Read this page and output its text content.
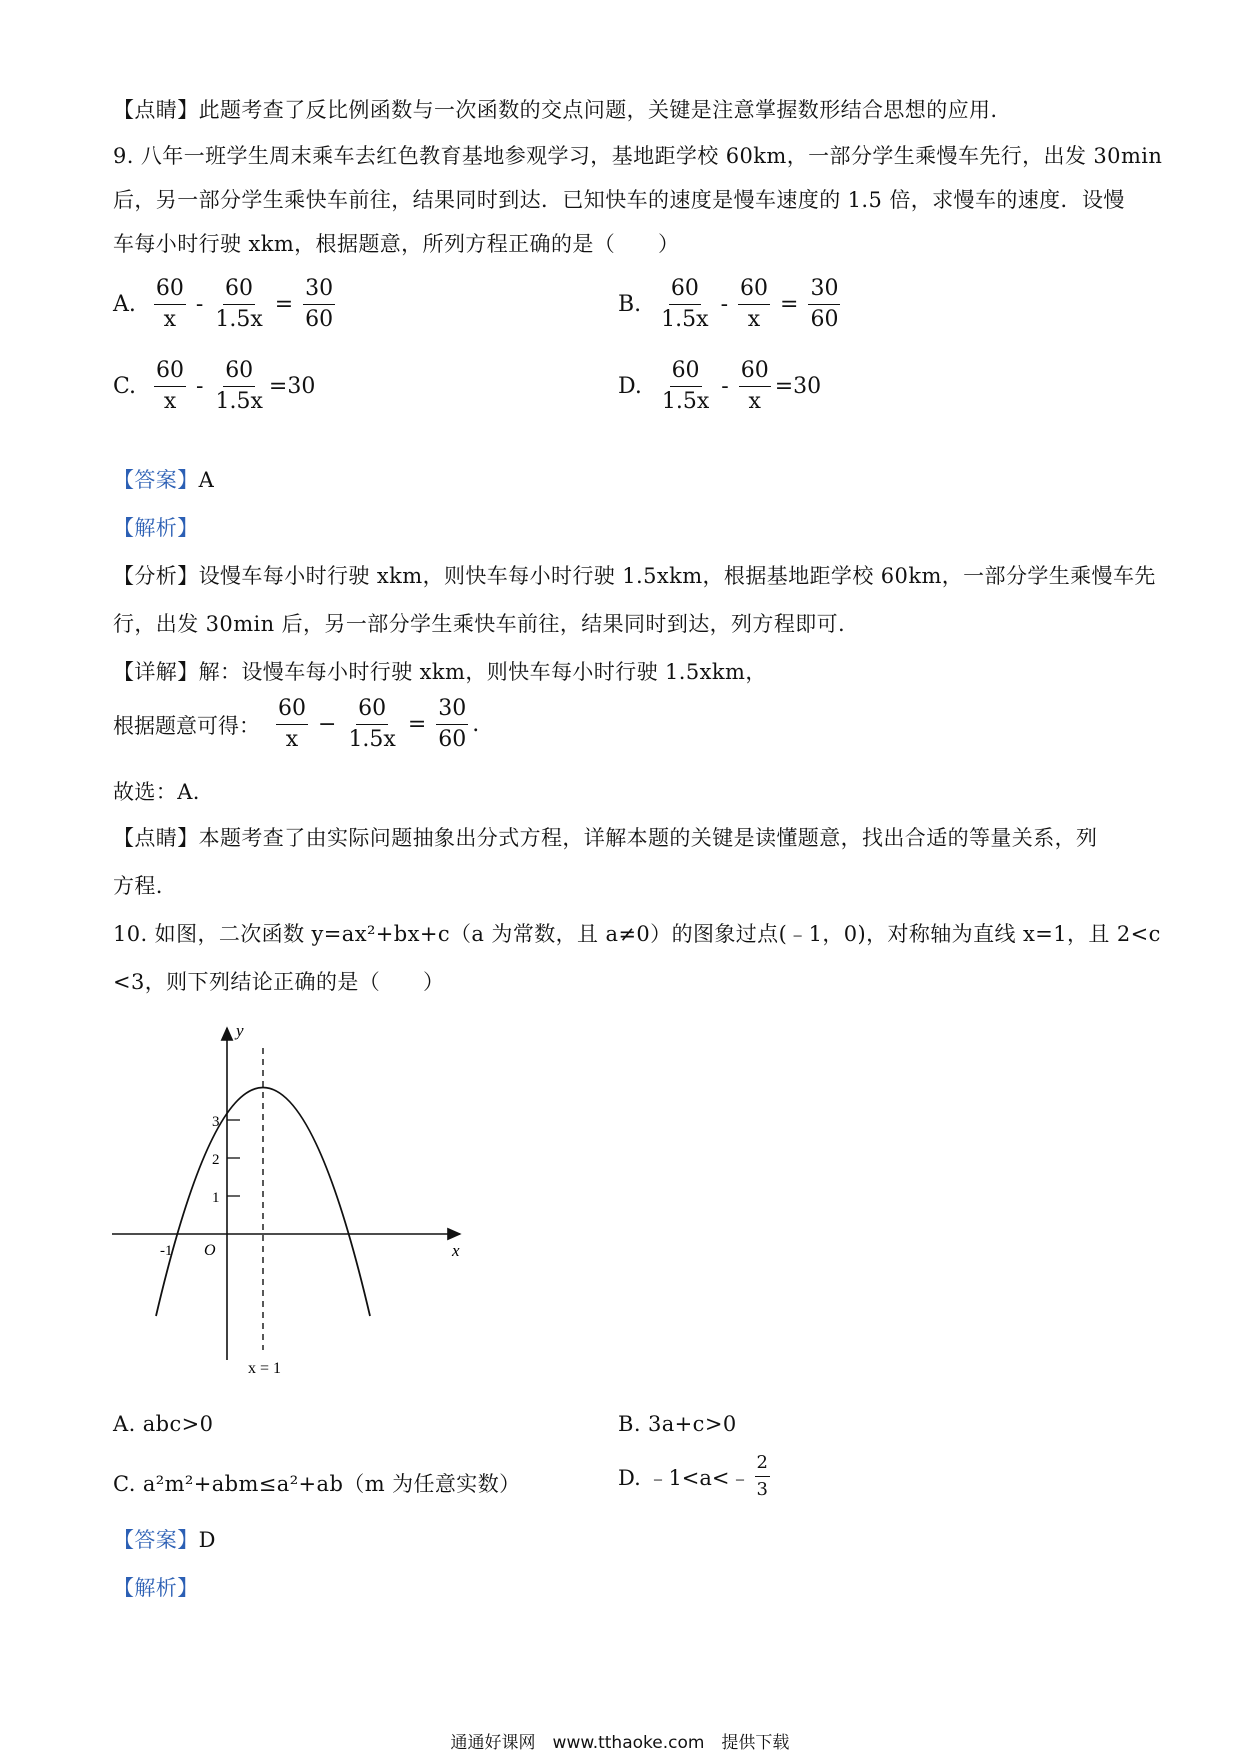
【点睛】此题考查了反比例函数与一次函数的交点问题，关键是注意掌握数形结合思想的应用.
9. 八年一班学生周末乘车去红色教育基地参观学习，基地距学校 60km，一部分学生乘慢车先行，出发 30min
后，另一部分学生乘快车前往，结果同时到达．已知快车的速度是慢车速度的 1.5 倍，求慢车的速度．设慢
车每小时行驶 xkm，根据题意，所列方程正确的是（　　）
A. $\frac{60}{x} - \frac{60}{1.5x} = \frac{30}{60}$	B. $\frac{60}{1.5x} - \frac{60}{x} = \frac{30}{60}$
C. $\frac{60}{x} - \frac{60}{1.5x} =30$	D. $\frac{60}{1.5x} - \frac{60}{x} =30$
【答案】A
【解析】
【分析】设慢车每小时行驶 xkm，则快车每小时行驶 1.5xkm，根据基地距学校 60km，一部分学生乘慢车先
行，出发 30min 后，另一部分学生乘快车前往，结果同时到达，列方程即可.
【详解】解：设慢车每小时行驶 xkm，则快车每小时行驶 1.5xkm，
根据题意可得： $\frac{60}{x} - \frac{60}{1.5x} = \frac{30}{60}$ .
故选：A.
【点睛】本题考查了由实际问题抽象出分式方程，详解本题的关键是读懂题意，找出合适的等量关系，列
方程.
10. 如图，二次函数 y=ax²+bx+c（a 为常数，且 a≠0）的图象过点(﹣1，0)，对称轴为直线 x=1，且 2<c
<3，则下列结论正确的是（　　）
y
x
O
-1
1
2
3
x = 1
A. abc>0	B. 3a+c>0
C. a²m²+abm≤a²+ab（m 为任意实数）	D. ﹣1<a<﹣ $\frac{2}{3}$
【答案】D
【解析】
通通好课网　www.tthaoke.com　提供下载
